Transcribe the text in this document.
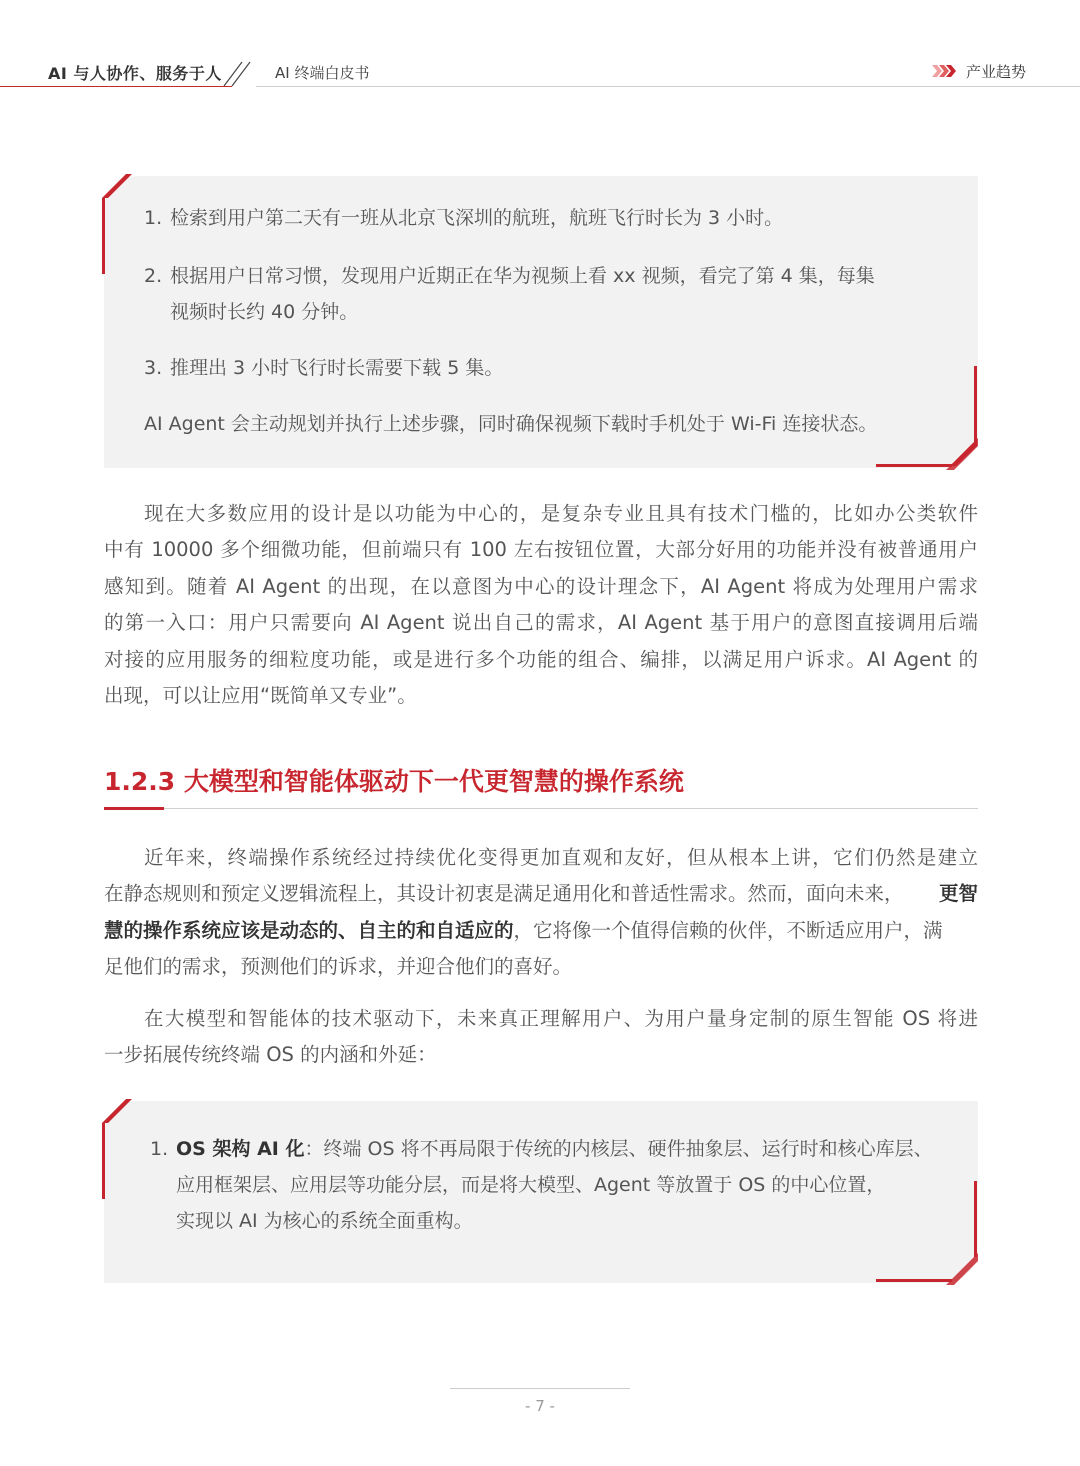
AI 与人协作、服务于人	AI 终端白皮书	产业趋势
1. 检索到用户第二天有一班从北京飞深圳的航班，航班飞行时长为 3 小时。
2. 根据用户日常习惯，发现用户近期正在华为视频上看 xx 视频，看完了第 4 集，每集
视频时长约 40 分钟。
3. 推理出 3 小时飞行时长需要下载 5 集。
AI Agent 会主动规划并执行上述步骤，同时确保视频下载时手机处于 Wi-Fi 连接状态。
现在大多数应用的设计是以功能为中心的，是复杂专业且具有技术门槛的，比如办公类软件
中有 10000 多个细微功能，但前端只有 100 左右按钮位置，大部分好用的功能并没有被普通用户
感知到。随着 AI Agent 的出现，在以意图为中心的设计理念下，AI Agent 将成为处理用户需求
的第一入口：用户只需要向 AI Agent 说出自己的需求，AI Agent 基于用户的意图直接调用后端
对接的应用服务的细粒度功能，或是进行多个功能的组合、编排，以满足用户诉求。AI Agent 的
出现，可以让应用“既简单又专业”。
1.2.3 大模型和智能体驱动下一代更智慧的操作系统
近年来，终端操作系统经过持续优化变得更加直观和友好，但从根本上讲，它们仍然是建立
在静态规则和预定义逻辑流程上，其设计初衷是满足通用化和普适性需求。然而，面向未来， 更智
慧的操作系统应该是动态的、自主的和自适应的 ，它将像一个值得信赖的伙伴，不断适应用户，满
足他们的需求，预测他们的诉求，并迎合他们的喜好。
在大模型和智能体的技术驱动下，未来真正理解用户、为用户量身定制的原生智能 OS 将进
一步拓展传统终端 OS 的内涵和外延：
1. OS 架构 AI 化：终端 OS 将不再局限于传统的内核层、硬件抽象层、运行时和核心库层、
应用框架层、应用层等功能分层，而是将大模型、Agent 等放置于 OS 的中心位置，
实现以 AI 为核心的系统全面重构。
- 7 -
